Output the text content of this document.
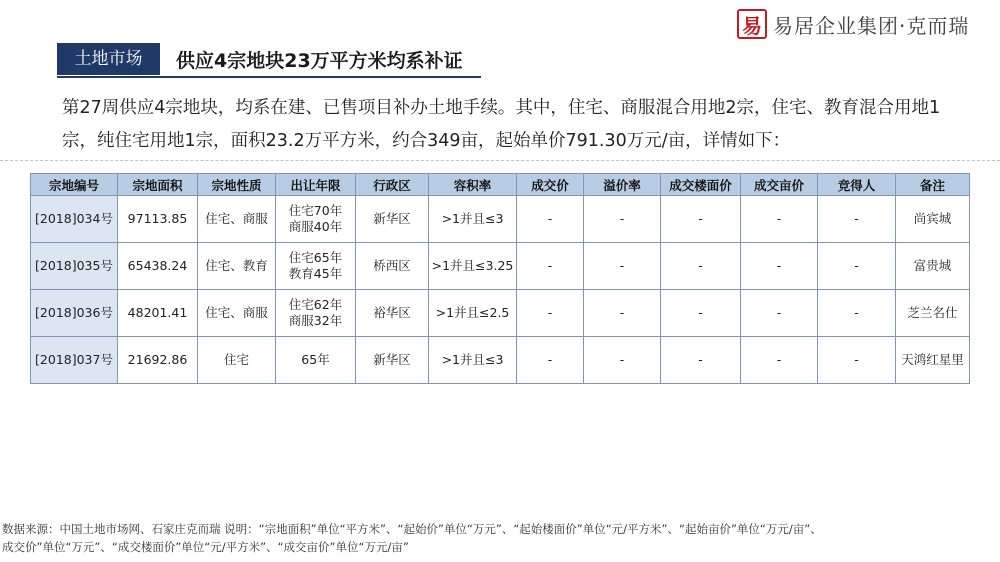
易 易居企业集团·克而瑞
土地市场	供应4宗地块23万平方米均系补证
第27周供应4宗地块，均系在建、已售项目补办土地手续。其中，住宅、商服混合用地2宗，住宅、教育混合用地1宗，纯住宅用地1宗，面积23.2万平方米，约合349亩，起始单价791.30万元/亩，详情如下：
宗地编号	宗地面积	宗地性质	出让年限	行政区	容积率	成交价	溢价率	成交楼面价	成交亩价	竞得人	备注
[2018]034号	97113.85	住宅、商服	住宅70年
商服40年	新华区	>1并且≤3	-	-	-	-	-	尚宾城
[2018]035号	65438.24	住宅、教育	住宅65年
教育45年	桥西区	>1并且≤3.25	-	-	-	-	-	富贵城
[2018]036号	48201.41	住宅、商服	住宅62年
商服32年	裕华区	>1并且≤2.5	-	-	-	-	-	芝兰名仕
[2018]037号	21692.86	住宅	65年	新华区	>1并且≤3	-	-	-	-	-	天鸿红星里
数据来源：中国土地市场网、石家庄克而瑞 说明：“宗地面积”单位“平方米”、“起始价”单位“万元”、“起始楼面价”单位“元/平方米”、“起始亩价”单位“万元/亩”、
成交价”单位“万元”、“成交楼面价”单位“元/平方米”、“成交亩价”单位“万元/亩”
